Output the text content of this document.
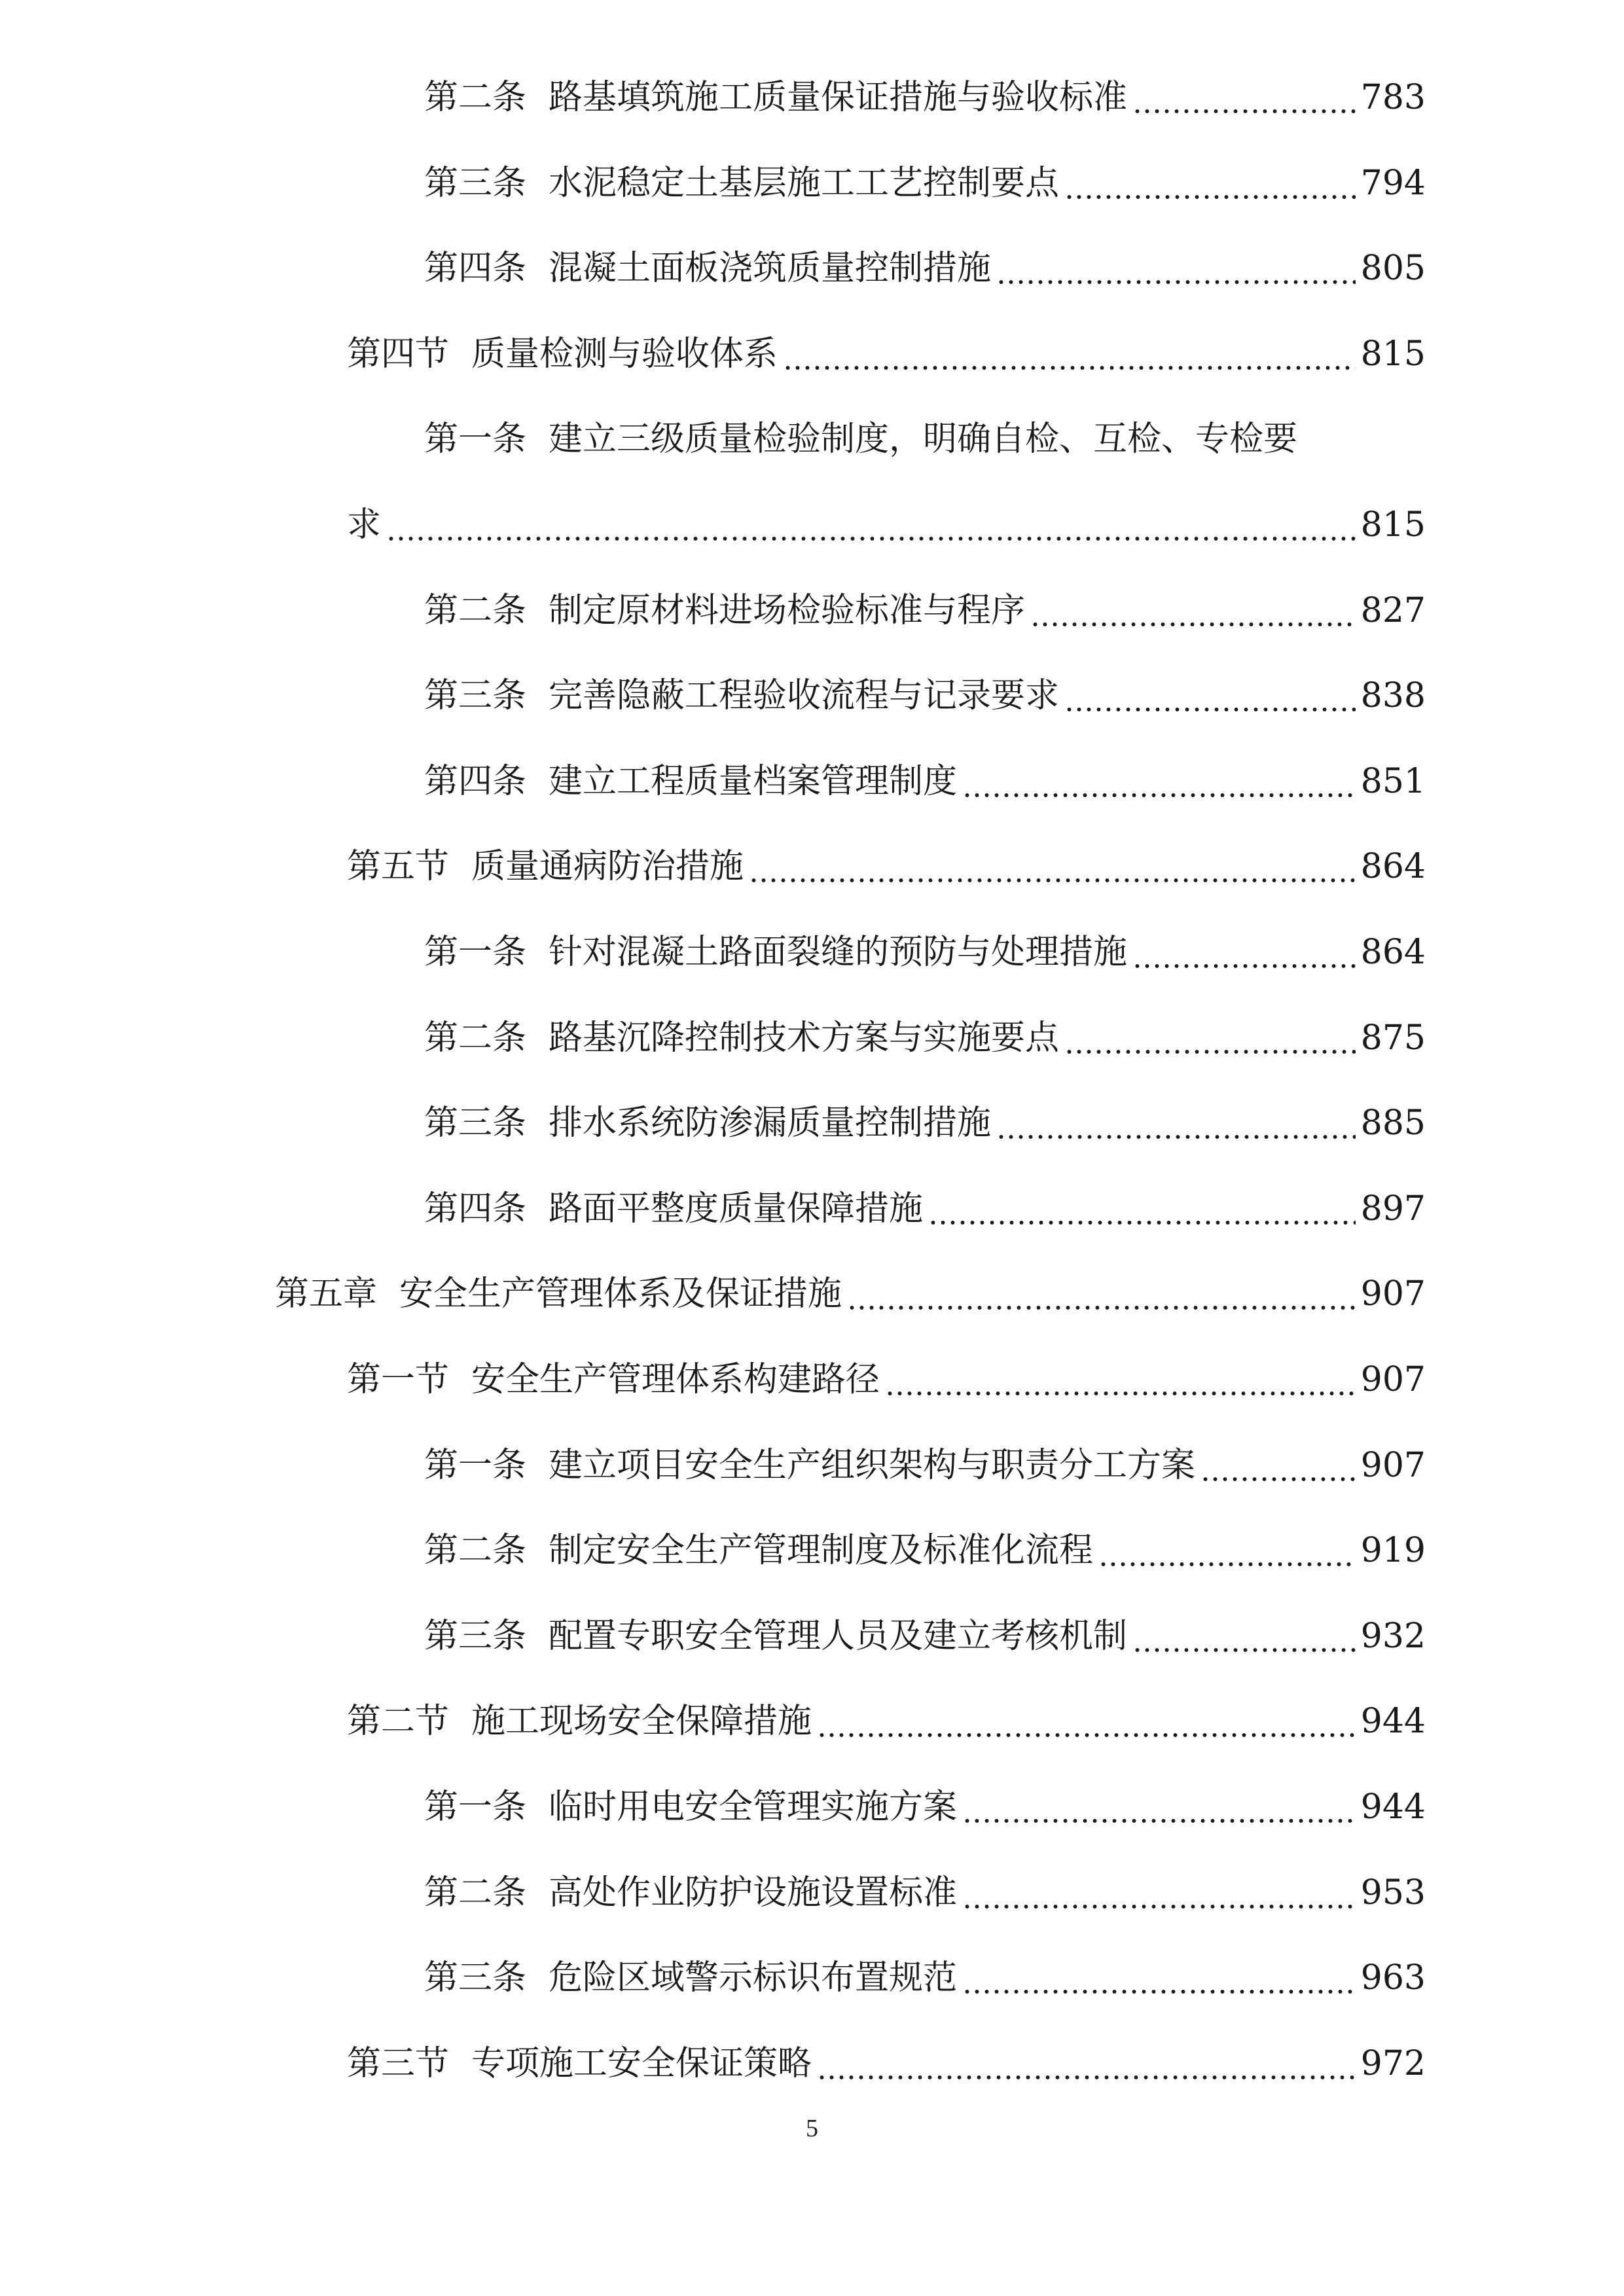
第二条 路基填筑施工质量保证措施与验收标准	783
第三条 水泥稳定土基层施工工艺控制要点	794
第四条 混凝土面板浇筑质量控制措施	805
第四节 质量检测与验收体系	815
第一条 建立三级质量检验制度，明确自检、互检、专检要
求	815
第二条 制定原材料进场检验标准与程序	827
第三条 完善隐蔽工程验收流程与记录要求	838
第四条 建立工程质量档案管理制度	851
第五节 质量通病防治措施	864
第一条 针对混凝土路面裂缝的预防与处理措施	864
第二条 路基沉降控制技术方案与实施要点	875
第三条 排水系统防渗漏质量控制措施	885
第四条 路面平整度质量保障措施	897
第五章 安全生产管理体系及保证措施	907
第一节 安全生产管理体系构建路径	907
第一条 建立项目安全生产组织架构与职责分工方案	907
第二条 制定安全生产管理制度及标准化流程	919
第三条 配置专职安全管理人员及建立考核机制	932
第二节 施工现场安全保障措施	944
第一条 临时用电安全管理实施方案	944
第二条 高处作业防护设施设置标准	953
第三条 危险区域警示标识布置规范	963
第三节 专项施工安全保证策略	972
5
